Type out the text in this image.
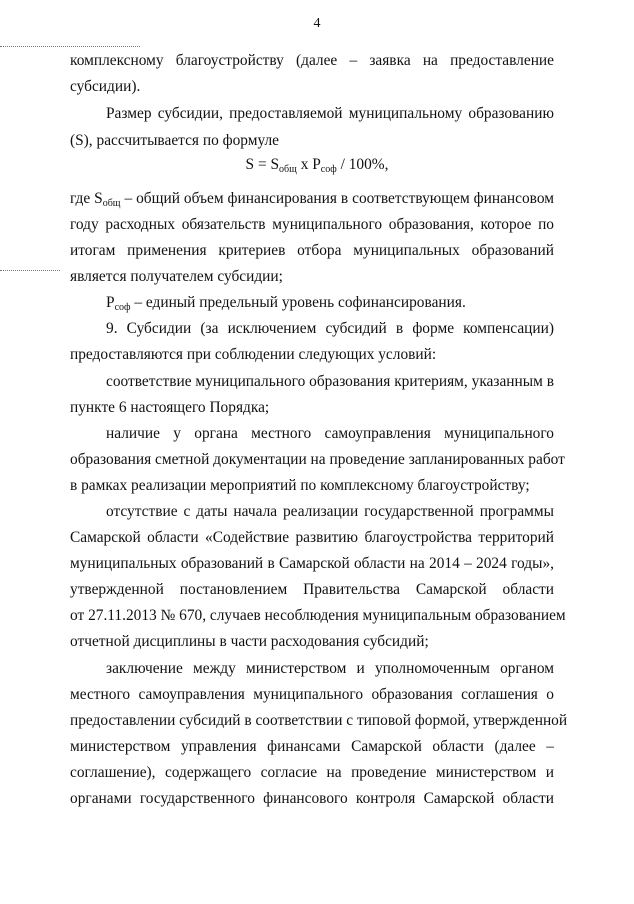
4
комплексному благоустройству (далее – заявка на предоставление
субсидии).
Размер субсидии, предоставляемой муниципальному образованию
(S), рассчитывается по формуле
$S = S_{общ}$ x $P_{соф} / 100\%$,
где $S_{общ}$ – общий объем финансирования в соответствующем финансовом
году расходных обязательств муниципального образования, которое по
итогам применения критериев отбора муниципальных образований
является получателем субсидии;
$P_{соф}$ – единый предельный уровень софинансирования.
9. Субсидии (за исключением субсидий в форме компенсации)
предоставляются при соблюдении следующих условий:
соответствие муниципального образования критериям, указанным в
пункте 6 настоящего Порядка;
наличие у органа местного самоуправления муниципального
образования сметной документации на проведение запланированных работ
в рамках реализации мероприятий по комплексному благоустройству;
отсутствие с даты начала реализации государственной программы
Самарской области «Содействие развитию благоустройства территорий
муниципальных образований в Самарской области на 2014 – 2024 годы»,
утвержденной постановлением Правительства Самарской области
от 27.11.2013 № 670, случаев несоблюдения муниципальным образованием
отчетной дисциплины в части расходования субсидий;
заключение между министерством и уполномоченным органом
местного самоуправления муниципального образования соглашения о
предоставлении субсидий в соответствии с типовой формой, утвержденной
министерством управления финансами Самарской области (далее –
соглашение), содержащего согласие на проведение министерством и
органами государственного финансового контроля Самарской области
